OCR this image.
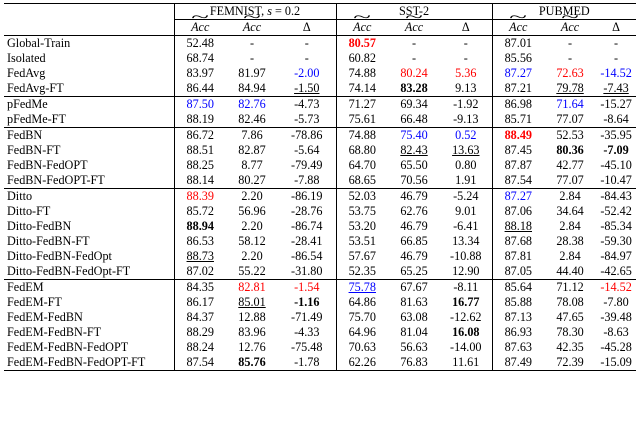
	FEMNIST, s = 0.2			SST-2			PUBMED		
	~ Acc	~ Acc	Δ	~ Acc	~ Acc	Δ	~ Acc	~ Acc	Δ
Global-Train	52.48	-	-	80.57	-	-	87.01	-	-
Isolated	68.74	-	-	60.82	-	-	85.56	-	-
FedAvg	83.97	81.97	-2.00	74.88	80.24	5.36	87.27	72.63	-14.52
FedAvg-FT	86.44	84.94	-1.50	74.14	83.28	9.13	87.21	79.78	-7.43
pFedMe	87.50	82.76	-4.73	71.27	69.34	-1.92	86.98	71.64	-15.27
pFedMe-FT	88.19	82.46	-5.73	75.61	66.48	-9.13	85.71	77.07	-8.64
FedBN	86.72	7.86	-78.86	74.88	75.40	0.52	88.49	52.53	-35.95
FedBN-FT	88.51	82.87	-5.64	68.80	82.43	13.63	87.45	80.36	-7.09
FedBN-FedOPT	88.25	8.77	-79.49	64.70	65.50	0.80	87.87	42.77	-45.10
FedBN-FedOPT-FT	88.14	80.27	-7.88	68.65	70.56	1.91	87.54	77.07	-10.47
Ditto	88.39	2.20	-86.19	52.03	46.79	-5.24	87.27	2.84	-84.43
Ditto-FT	85.72	56.96	-28.76	53.75	62.76	9.01	87.06	34.64	-52.42
Ditto-FedBN	88.94	2.20	-86.74	53.20	46.79	-6.41	88.18	2.84	-85.34
Ditto-FedBN-FT	86.53	58.12	-28.41	53.51	66.85	13.34	87.68	28.38	-59.30
Ditto-FedBN-FedOpt	88.73	2.20	-86.54	57.67	46.79	-10.88	87.81	2.84	-84.97
Ditto-FedBN-FedOpt-FT	87.02	55.22	-31.80	52.35	65.25	12.90	87.05	44.40	-42.65
FedEM	84.35	82.81	-1.54	75.78	67.67	-8.11	85.64	71.12	-14.52
FedEM-FT	86.17	85.01	-1.16	64.86	81.63	16.77	85.88	78.08	-7.80
FedEM-FedBN	84.37	12.88	-71.49	75.70	63.08	-12.62	87.13	47.65	-39.48
FedEM-FedBN-FT	88.29	83.96	-4.33	64.96	81.04	16.08	86.93	78.30	-8.63
FedEM-FedBN-FedOPT	88.24	12.76	-75.48	70.63	56.63	-14.00	87.63	42.35	-45.28
FedEM-FedBN-FedOPT-FT	87.54	85.76	-1.78	62.26	76.83	11.61	87.49	72.39	-15.09
